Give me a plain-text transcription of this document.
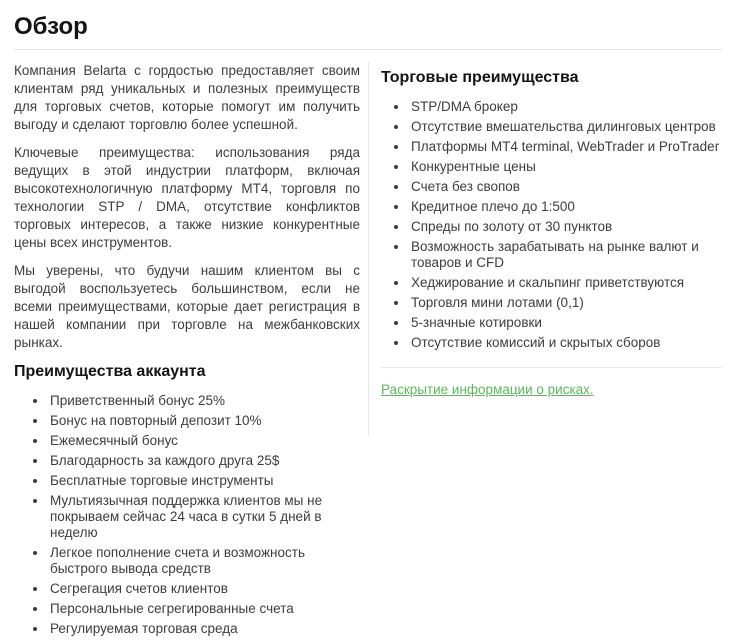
Обзор

Компания Belarta с гордостью предоставляет своим клиентам ряд уникальных и полезных преимуществ для торговых счетов, которые помогут им получить выгоду и сделают торговлю более успешной.

Ключевые преимущества: использования ряда ведущих в этой индустрии платформ, включая высокотехнологичную платформу MT4, торговля по технологии STP / DMA, отсутствие конфликтов торговых интересов, а также низкие конкурентные цены всех инструментов.

Мы уверены, что будучи нашим клиентом вы с выгодой воспользуетесь большинством, если не всеми преимуществами, которые дает регистрация в нашей компании при торговле на межбанковских рынках.

Преимущества аккаунта
• Приветственный бонус 25%
• Бонус на повторный депозит 10%
• Ежемесячный бонус
• Благодарность за каждого друга 25$
• Бесплатные торговые инструменты
• Мультиязычная поддержка клиентов мы не покрываем сейчас 24 часа в сутки 5 дней в неделю
• Легкое пополнение счета и возможность быстрого вывода средств
• Сегрегация счетов клиентов
• Персональные сегрегированные счета
• Регулируемая торговая среда
Торговые преимущества
• STP/DMA брокер
• Отсутствие вмешательства дилинговых центров
• Платформы MT4 terminal, WebTrader и ProTrader
• Конкурентные цены
• Счета без свопов
• Кредитное плечо до 1:500
• Спреды по золоту от 30 пунктов
• Возможность зарабатывать на рынке валют и товаров и CFD
• Хеджирование и скальпинг приветствуются
• Торговля мини лотами (0,1)
• 5-значные котировки
• Отсутствие комиссий и скрытых сборов
Раскрытие информации о рисках.
